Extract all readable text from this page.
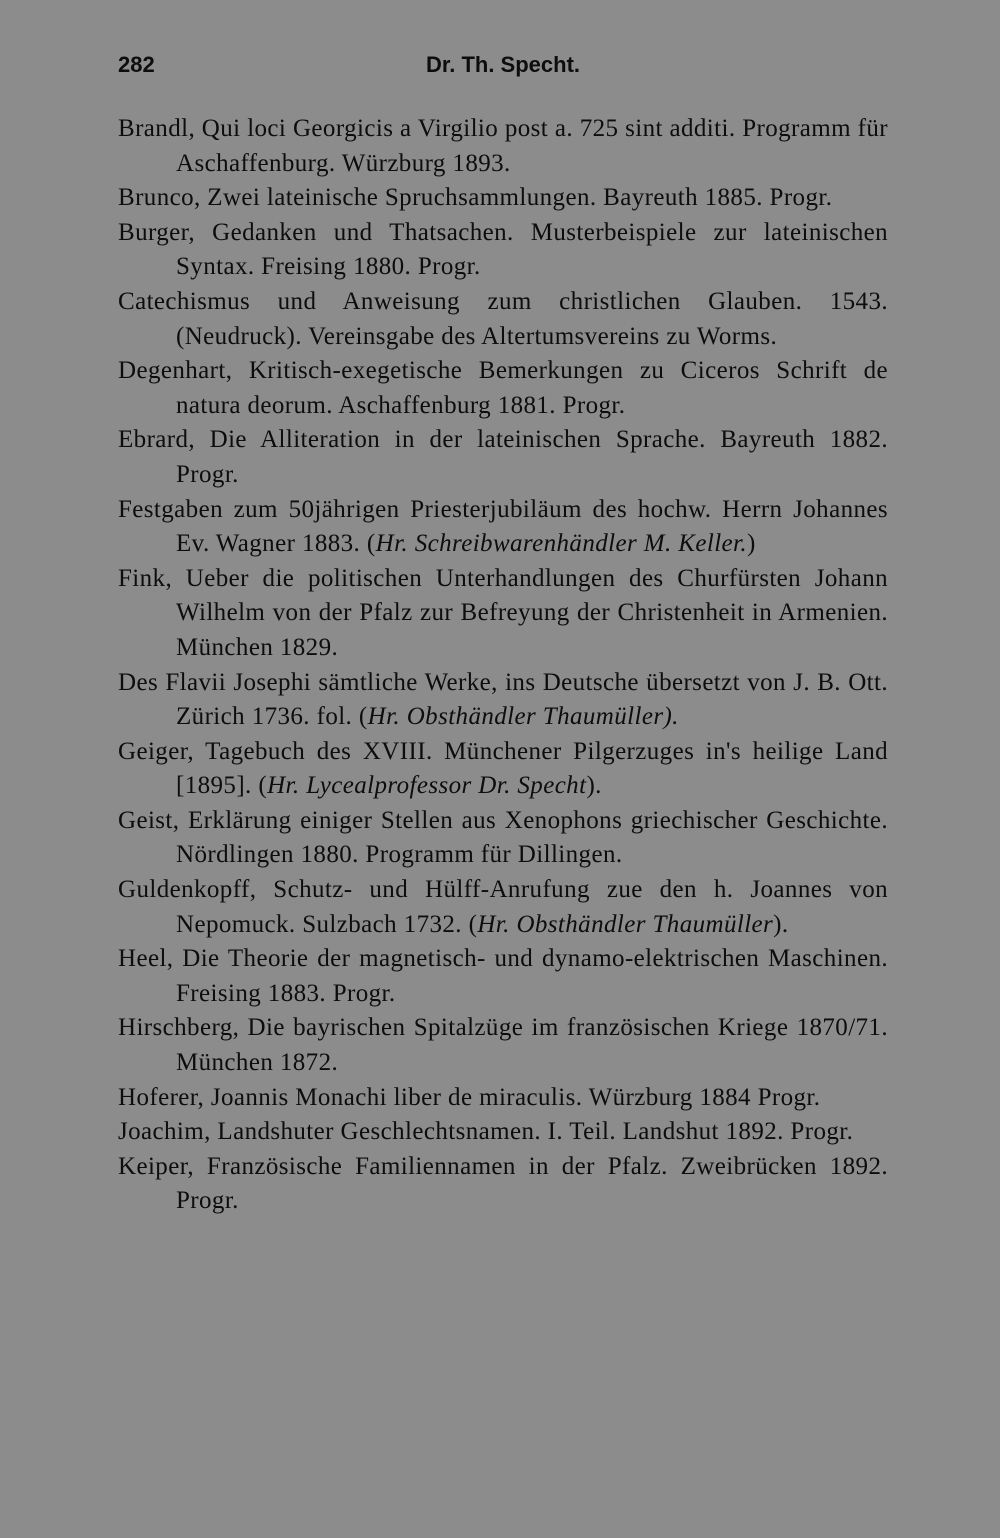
282	Dr. Th. Specht.

Brandl, Qui loci Georgicis a Virgilio post a. 725 sint additi. Programm für Aschaffenburg. Würzburg 1893.

Brunco, Zwei lateinische Spruchsammlungen. Bayreuth 1885. Progr.

Burger, Gedanken und Thatsachen. Musterbeispiele zur lateinischen Syntax. Freising 1880. Progr.

Catechismus und Anweisung zum christlichen Glauben. 1543. (Neudruck). Vereinsgabe des Altertumsvereins zu Worms.

Degenhart, Kritisch-exegetische Bemerkungen zu Ciceros Schrift de natura deorum. Aschaffenburg 1881. Progr.

Ebrard, Die Alliteration in der lateinischen Sprache. Bayreuth 1882. Progr.

Festgaben zum 50jährigen Priesterjubiläum des hochw. Herrn Johannes Ev. Wagner 1883. (Hr. Schreibwarenhändler M. Keller.)

Fink, Ueber die politischen Unterhandlungen des Churfürsten Johann Wilhelm von der Pfalz zur Befreyung der Christenheit in Armenien. München 1829.

Des Flavii Josephi sämtliche Werke, ins Deutsche übersetzt von J. B. Ott. Zürich 1736. fol. (Hr. Obsthändler Thaumüller).

Geiger, Tagebuch des XVIII. Münchener Pilgerzuges in's heilige Land [1895]. (Hr. Lycealprofessor Dr. Specht).

Geist, Erklärung einiger Stellen aus Xenophons griechischer Geschichte. Nördlingen 1880. Programm für Dillingen.

Guldenkopff, Schutz- und Hülff-Anrufung zue den h. Joannes von Nepomuck. Sulzbach 1732. (Hr. Obsthändler Thaumüller).

Heel, Die Theorie der magnetisch- und dynamo-elektrischen Maschinen. Freising 1883. Progr.

Hirschberg, Die bayrischen Spitalzüge im französischen Kriege 1870/71. München 1872.

Hoferer, Joannis Monachi liber de miraculis. Würzburg 1884 Progr.

Joachim, Landshuter Geschlechtsnamen. I. Teil. Landshut 1892. Progr.

Keiper, Französische Familiennamen in der Pfalz. Zweibrücken 1892. Progr.
